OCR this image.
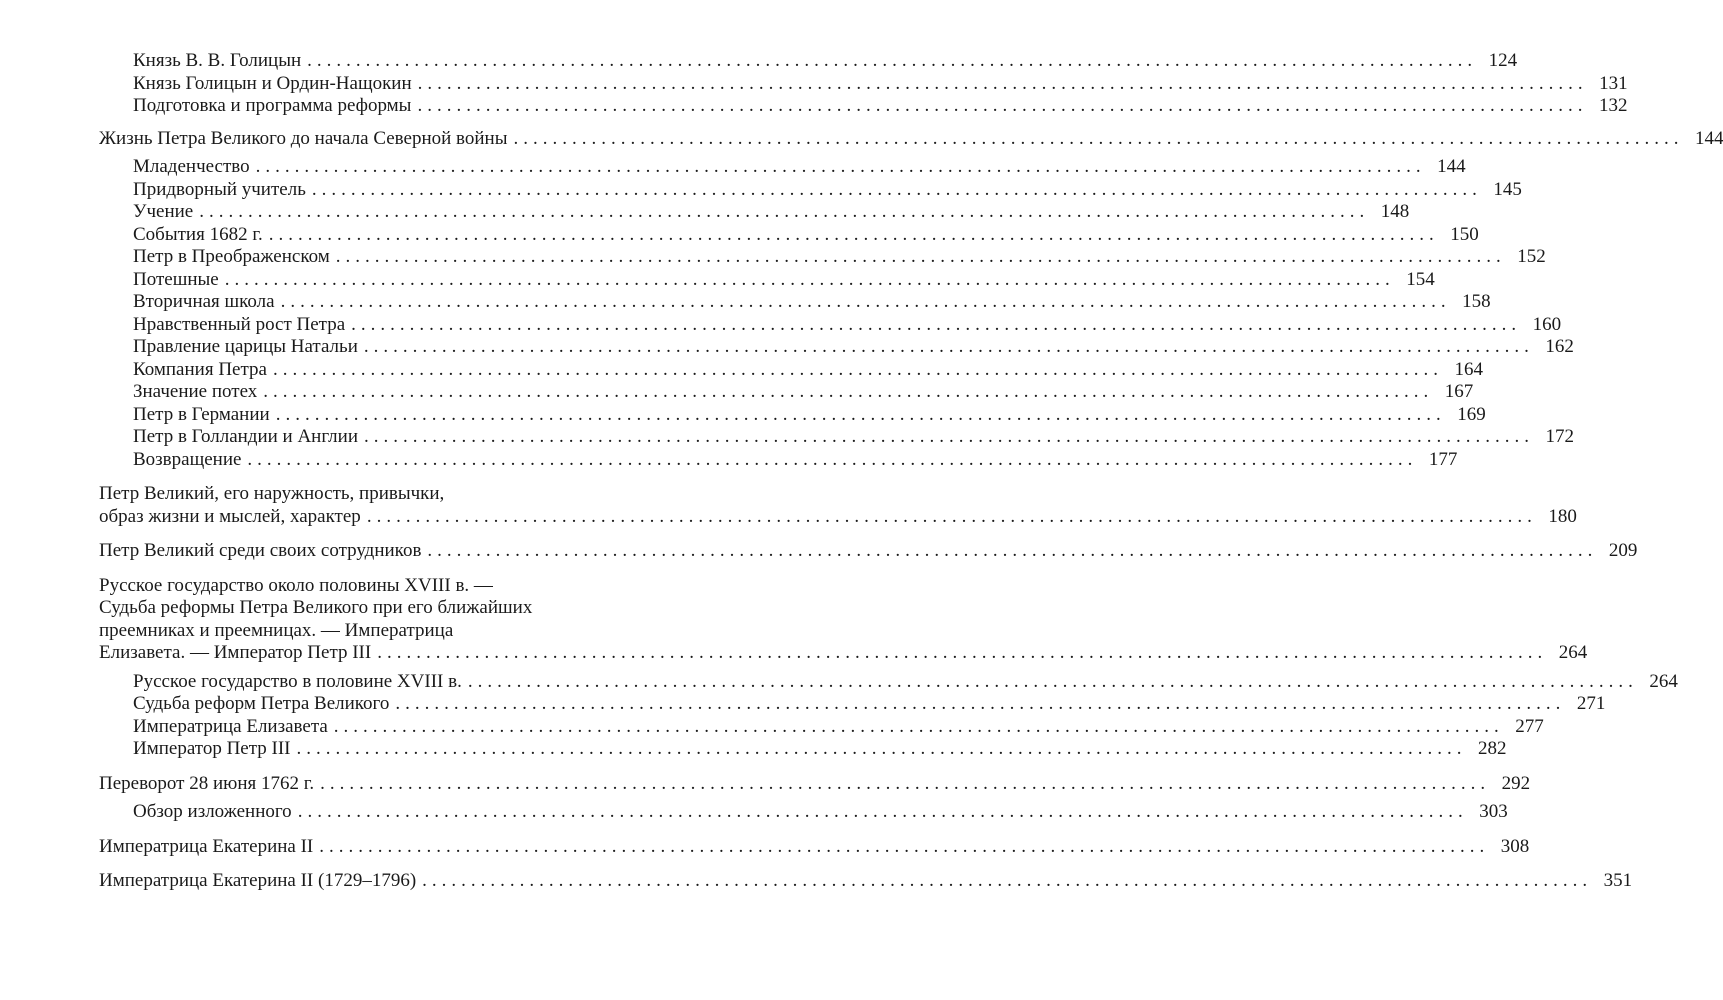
Князь В. В. Голицын ........................................................................................................................ 124
Князь Голицын и Ордин-Нащокин ........................................................................................................................ 131
Подготовка и программа реформы ........................................................................................................................ 132
Жизнь Петра Великого до начала Северной войны ........................................................................................................................ 144
Младенчество ........................................................................................................................ 144
Придворный учитель ........................................................................................................................ 145
Учение ........................................................................................................................ 148
События 1682 г. ........................................................................................................................ 150
Петр в Преображенском ........................................................................................................................ 152
Потешные ........................................................................................................................ 154
Вторичная школа ........................................................................................................................ 158
Нравственный рост Петра ........................................................................................................................ 160
Правление царицы Натальи ........................................................................................................................ 162
Компания Петра ........................................................................................................................ 164
Значение потех ........................................................................................................................ 167
Петр в Германии ........................................................................................................................ 169
Петр в Голландии и Англии ........................................................................................................................ 172
Возвращение ........................................................................................................................ 177
Петр Великий, его наружность, привычки,
образ жизни и мыслей, характер ........................................................................................................................ 180
Петр Великий среди своих сотрудников ........................................................................................................................ 209
Русское государство около половины XVIII в. —
Судьба реформы Петра Великого при его ближайших
преемниках и преемницах. — Императрица
Елизавета. — Император Петр III ........................................................................................................................ 264
Русское государство в половине XVIII в. ........................................................................................................................ 264
Судьба реформ Петра Великого ........................................................................................................................ 271
Императрица Елизавета ........................................................................................................................ 277
Император Петр III ........................................................................................................................ 282
Переворот 28 июня 1762 г. ........................................................................................................................ 292
Обзор изложенного ........................................................................................................................ 303
Императрица Екатерина II ........................................................................................................................ 308
Императрица Екатерина II (1729–1796) ........................................................................................................................ 351
